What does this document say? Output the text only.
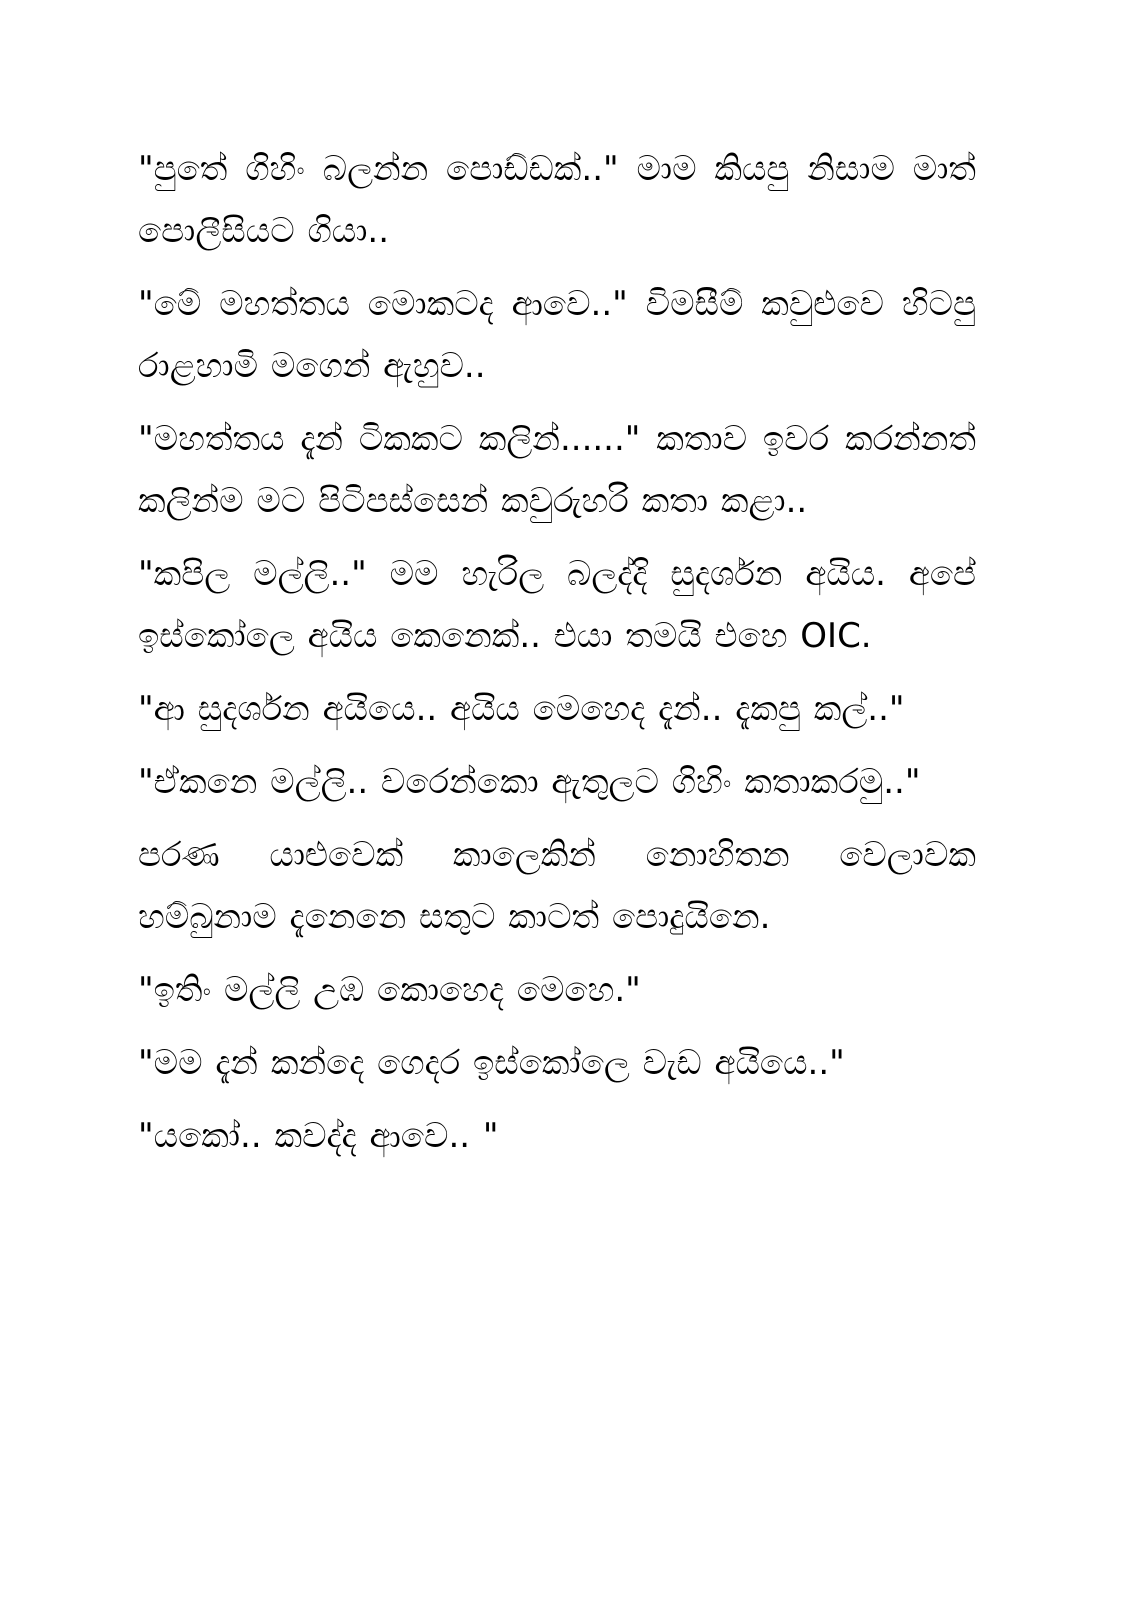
"පුතේ ගිහිං බලන්න පොඩ්ඩක්.." මාම කියපු නිසාම මාත් පොලීසියට ගියා..

"මේ මහත්තය මොකටද ආවෙ.." විමසීම් කවුළුවෙ හිටපු රාළහාමි මගෙන් ඇහුව..

"මහත්තය දැන් ටිකකට කලින්......" කතාව ඉවර කරන්නත් කලින්ම මට පිටිපස්සෙන් කවුරුහරි කතා කළා..

"කපිල මල්ලි.." මම හැරිල බලද්දි සුදර්ශන අයිය. අපේ ඉස්කෝලෙ අයිය කෙනෙක්.. එයා තමයි එහෙ OIC.

"ආ සුදර්ශන අයියෙ.. අයිය මෙහෙද දැන්.. දැකපු කල්.."

"ඒකනෙ මල්ලි.. වරෙන්කො ඇතුලට ගිහිං කතාකරමු.."

පරණ යාළුවෙක් කාලෙකින් නොහිතන වෙලාවක හම්බුනාම දැනෙනෙ සතුට කාටත් පොදුයිනෙ.

"ඉතිං මල්ලි උඹ කොහෙද මෙහෙ."

"මම දැන් කන්දෙ ගෙදර ඉස්කෝලෙ වැඩ අයියෙ.."

"යකෝ.. කවද්ද ආවෙ.. "
